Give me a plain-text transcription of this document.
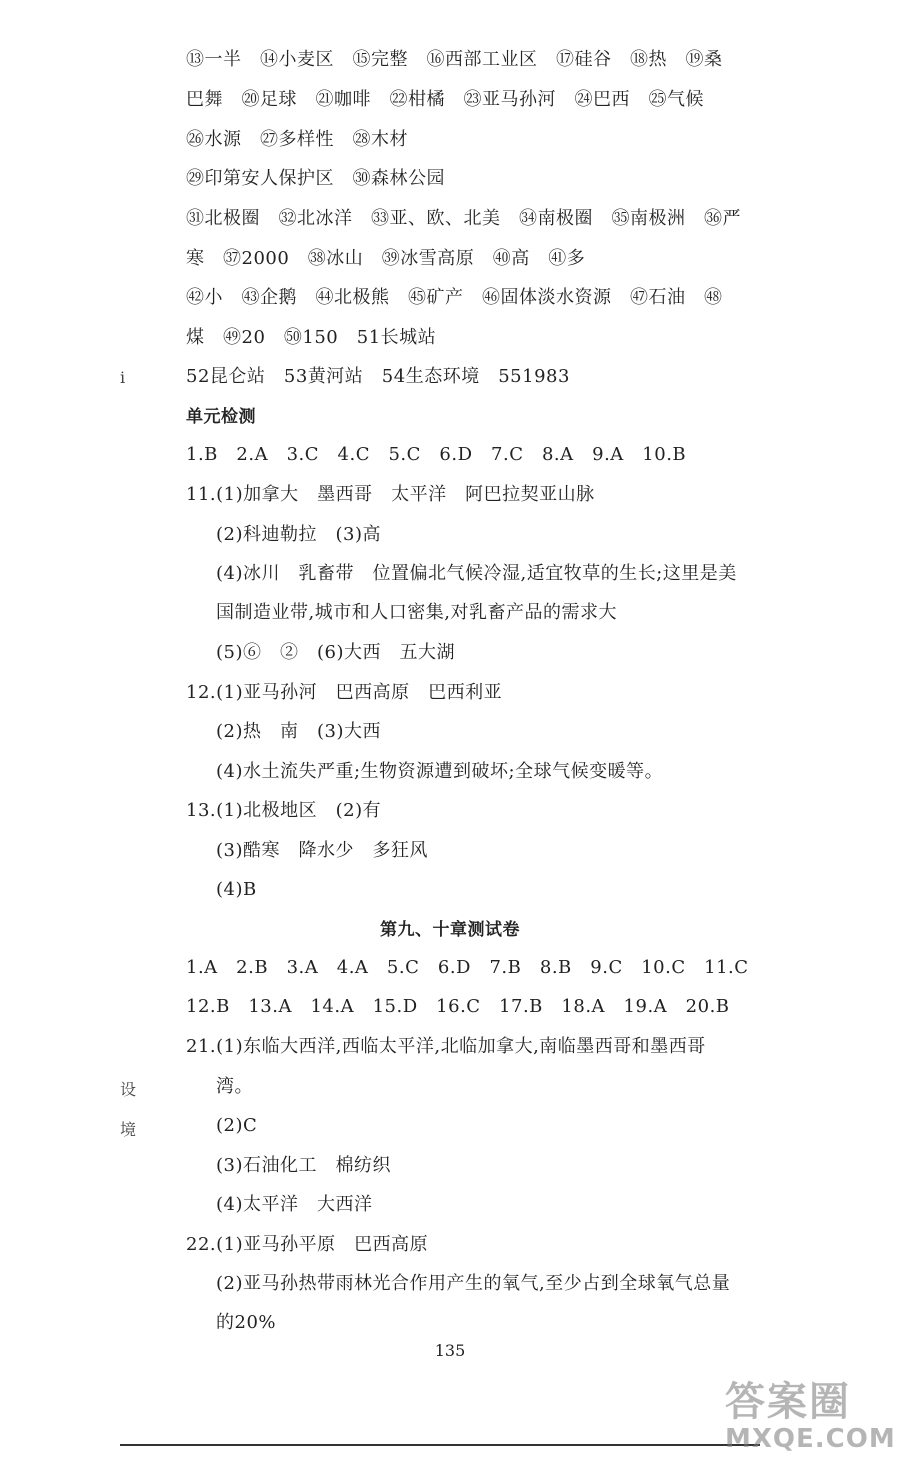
⑬一半　⑭小麦区　⑮完整　⑯西部工业区　⑰硅谷　⑱热　⑲桑
巴舞　⑳足球　㉑咖啡　㉒柑橘　㉓亚马孙河　㉔巴西　㉕气候
㉖水源　㉗多样性　㉘木材
㉙印第安人保护区　㉚森林公园
㉛北极圈　㉜北冰洋　㉝亚、欧、北美　㉞南极圈　㉟南极洲　㊱严
寒　㊲2000　㊳冰山　㊴冰雪高原　㊵高　㊶多
㊷小　㊸企鹅　㊹北极熊　㊺矿产　㊻固体淡水资源　㊼石油　㊽
煤　㊾20　㊿150　51长城站
i	52昆仑站　53黄河站　54生态环境　551983
单元检测
1.B　2.A　3.C　4.C　5.C　6.D　7.C　8.A　9.A　10.B
11.(1)加拿大　墨西哥　太平洋　阿巴拉契亚山脉
(2)科迪勒拉　(3)高
(4)冰川　乳畜带　位置偏北气候冷湿,适宜牧草的生长;这里是美
国制造业带,城市和人口密集,对乳畜产品的需求大
(5)⑥　②　(6)大西　五大湖
12.(1)亚马孙河　巴西高原　巴西利亚
(2)热　南　(3)大西
(4)水土流失严重;生物资源遭到破坏;全球气候变暖等。
13.(1)北极地区　(2)有
(3)酷寒　降水少　多狂风
(4)B
第九、十章测试卷
1.A　2.B　3.A　4.A　5.C　6.D　7.B　8.B　9.C　10.C　11.C
12.B　13.A　14.A　15.D　16.C　17.B　18.A　19.A　20.B
21.(1)东临大西洋,西临太平洋,北临加拿大,南临墨西哥和墨西哥
设	湾。
境	(2)C
(3)石油化工　棉纺织
(4)太平洋　大西洋
22.(1)亚马孙平原　巴西高原
(2)亚马孙热带雨林光合作用产生的氧气,至少占到全球氧气总量
的20%
135
答案圈
MXQE.COM
